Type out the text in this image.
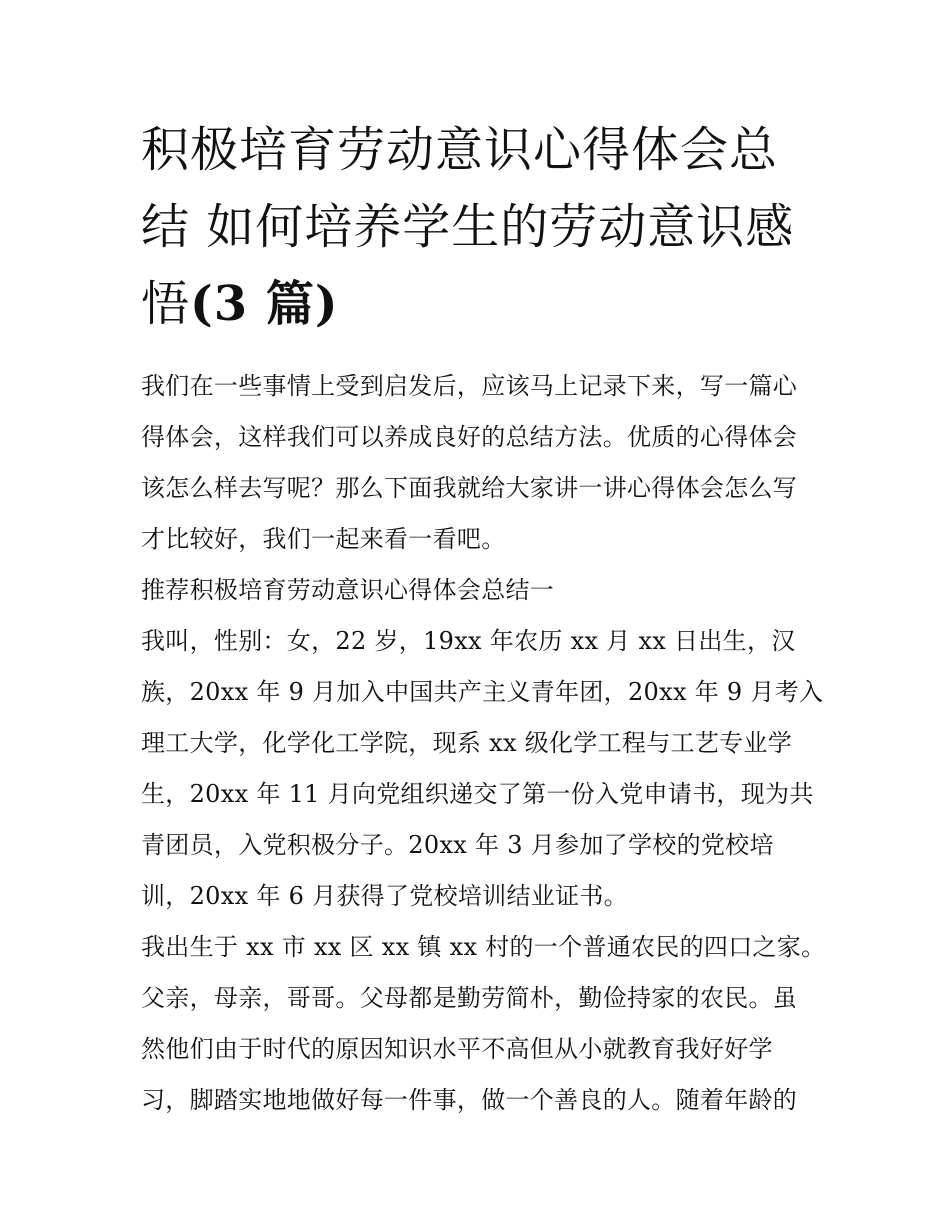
积极培育劳动意识心得体会总
结 如何培养学生的劳动意识感
悟(3 篇)

我们在一些事情上受到启发后，应该马上记录下来，写一篇心

得体会，这样我们可以养成良好的总结方法。优质的心得体会

该怎么样去写呢？那么下面我就给大家讲一讲心得体会怎么写

才比较好，我们一起来看一看吧。

推荐积极培育劳动意识心得体会总结一

我叫，性别：女，22 岁，19xx 年农历 xx 月 xx 日出生，汉

族，20xx 年 9 月加入中国共产主义青年团，20xx 年 9 月考入

理工大学，化学化工学院，现系 xx 级化学工程与工艺专业学

生，20xx 年 11 月向党组织递交了第一份入党申请书，现为共

青团员，入党积极分子。20xx 年 3 月参加了学校的党校培

训，20xx 年 6 月获得了党校培训结业证书。

我出生于 xx 市 xx 区 xx 镇 xx 村的一个普通农民的四口之家。

父亲，母亲，哥哥。父母都是勤劳简朴，勤俭持家的农民。虽

然他们由于时代的原因知识水平不高但从小就教育我好好学

习，脚踏实地地做好每一件事，做一个善良的人。随着年龄的
